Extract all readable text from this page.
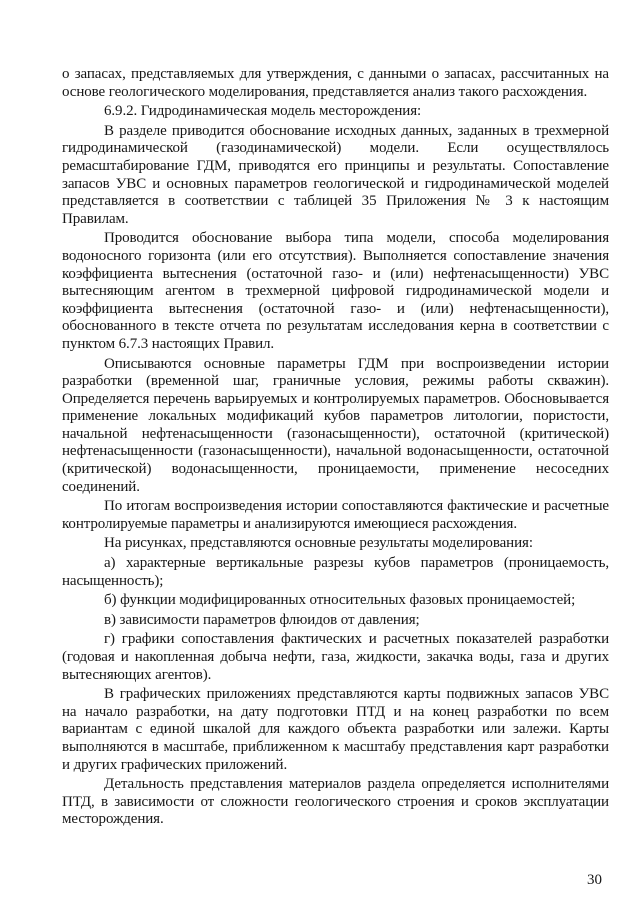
о запасах, представляемых для утверждения, с данными о запасах, рассчитанных на основе геологического моделирования, представляется анализ такого расхождения.

6.9.2. Гидродинамическая модель месторождения:

В разделе приводится обоснование исходных данных, заданных в трехмерной гидродинамической (газодинамической) модели. Если осуществлялось ремасштабирование ГДМ, приводятся его принципы и результаты. Сопоставление запасов УВС и основных параметров геологической и гидродинамической моделей представляется в соответствии с таблицей 35 Приложения № 3 к настоящим Правилам.

Проводится обоснование выбора типа модели, способа моделирования водоносного горизонта (или его отсутствия). Выполняется сопоставление значения коэффициента вытеснения (остаточной газо- и (или) нефтенасыщенности) УВС вытесняющим агентом в трехмерной цифровой гидродинамической модели и коэффициента вытеснения (остаточной газо- и (или) нефтенасыщенности), обоснованного в тексте отчета по результатам исследования керна в соответствии с пунктом 6.7.3 настоящих Правил.

Описываются основные параметры ГДМ при воспроизведении истории разработки (временной шаг, граничные условия, режимы работы скважин). Определяется перечень варьируемых и контролируемых параметров. Обосновывается применение локальных модификаций кубов параметров литологии, пористости, начальной нефтенасыщенности (газонасыщенности), остаточной (критической) нефтенасыщенности (газонасыщенности), начальной водонасыщенности, остаточной (критической) водонасыщенности, проницаемости, применение несоседних соединений.

По итогам воспроизведения истории сопоставляются фактические и расчетные контролируемые параметры и анализируются имеющиеся расхождения.

На рисунках, представляются основные результаты моделирования:

а) характерные вертикальные разрезы кубов параметров (проницаемость, насыщенность);

б) функции модифицированных относительных фазовых проницаемостей;

в) зависимости параметров флюидов от давления;

г) графики сопоставления фактических и расчетных показателей разработки (годовая и накопленная добыча нефти, газа, жидкости, закачка воды, газа и других вытесняющих агентов).

В графических приложениях представляются карты подвижных запасов УВС на начало разработки, на дату подготовки ПТД и на конец разработки по всем вариантам с единой шкалой для каждого объекта разработки или залежи. Карты выполняются в масштабе, приближенном к масштабу представления карт разработки и других графических приложений.

Детальность представления материалов раздела определяется исполнителями ПТД, в зависимости от сложности геологического строения и сроков эксплуатации месторождения.

30
